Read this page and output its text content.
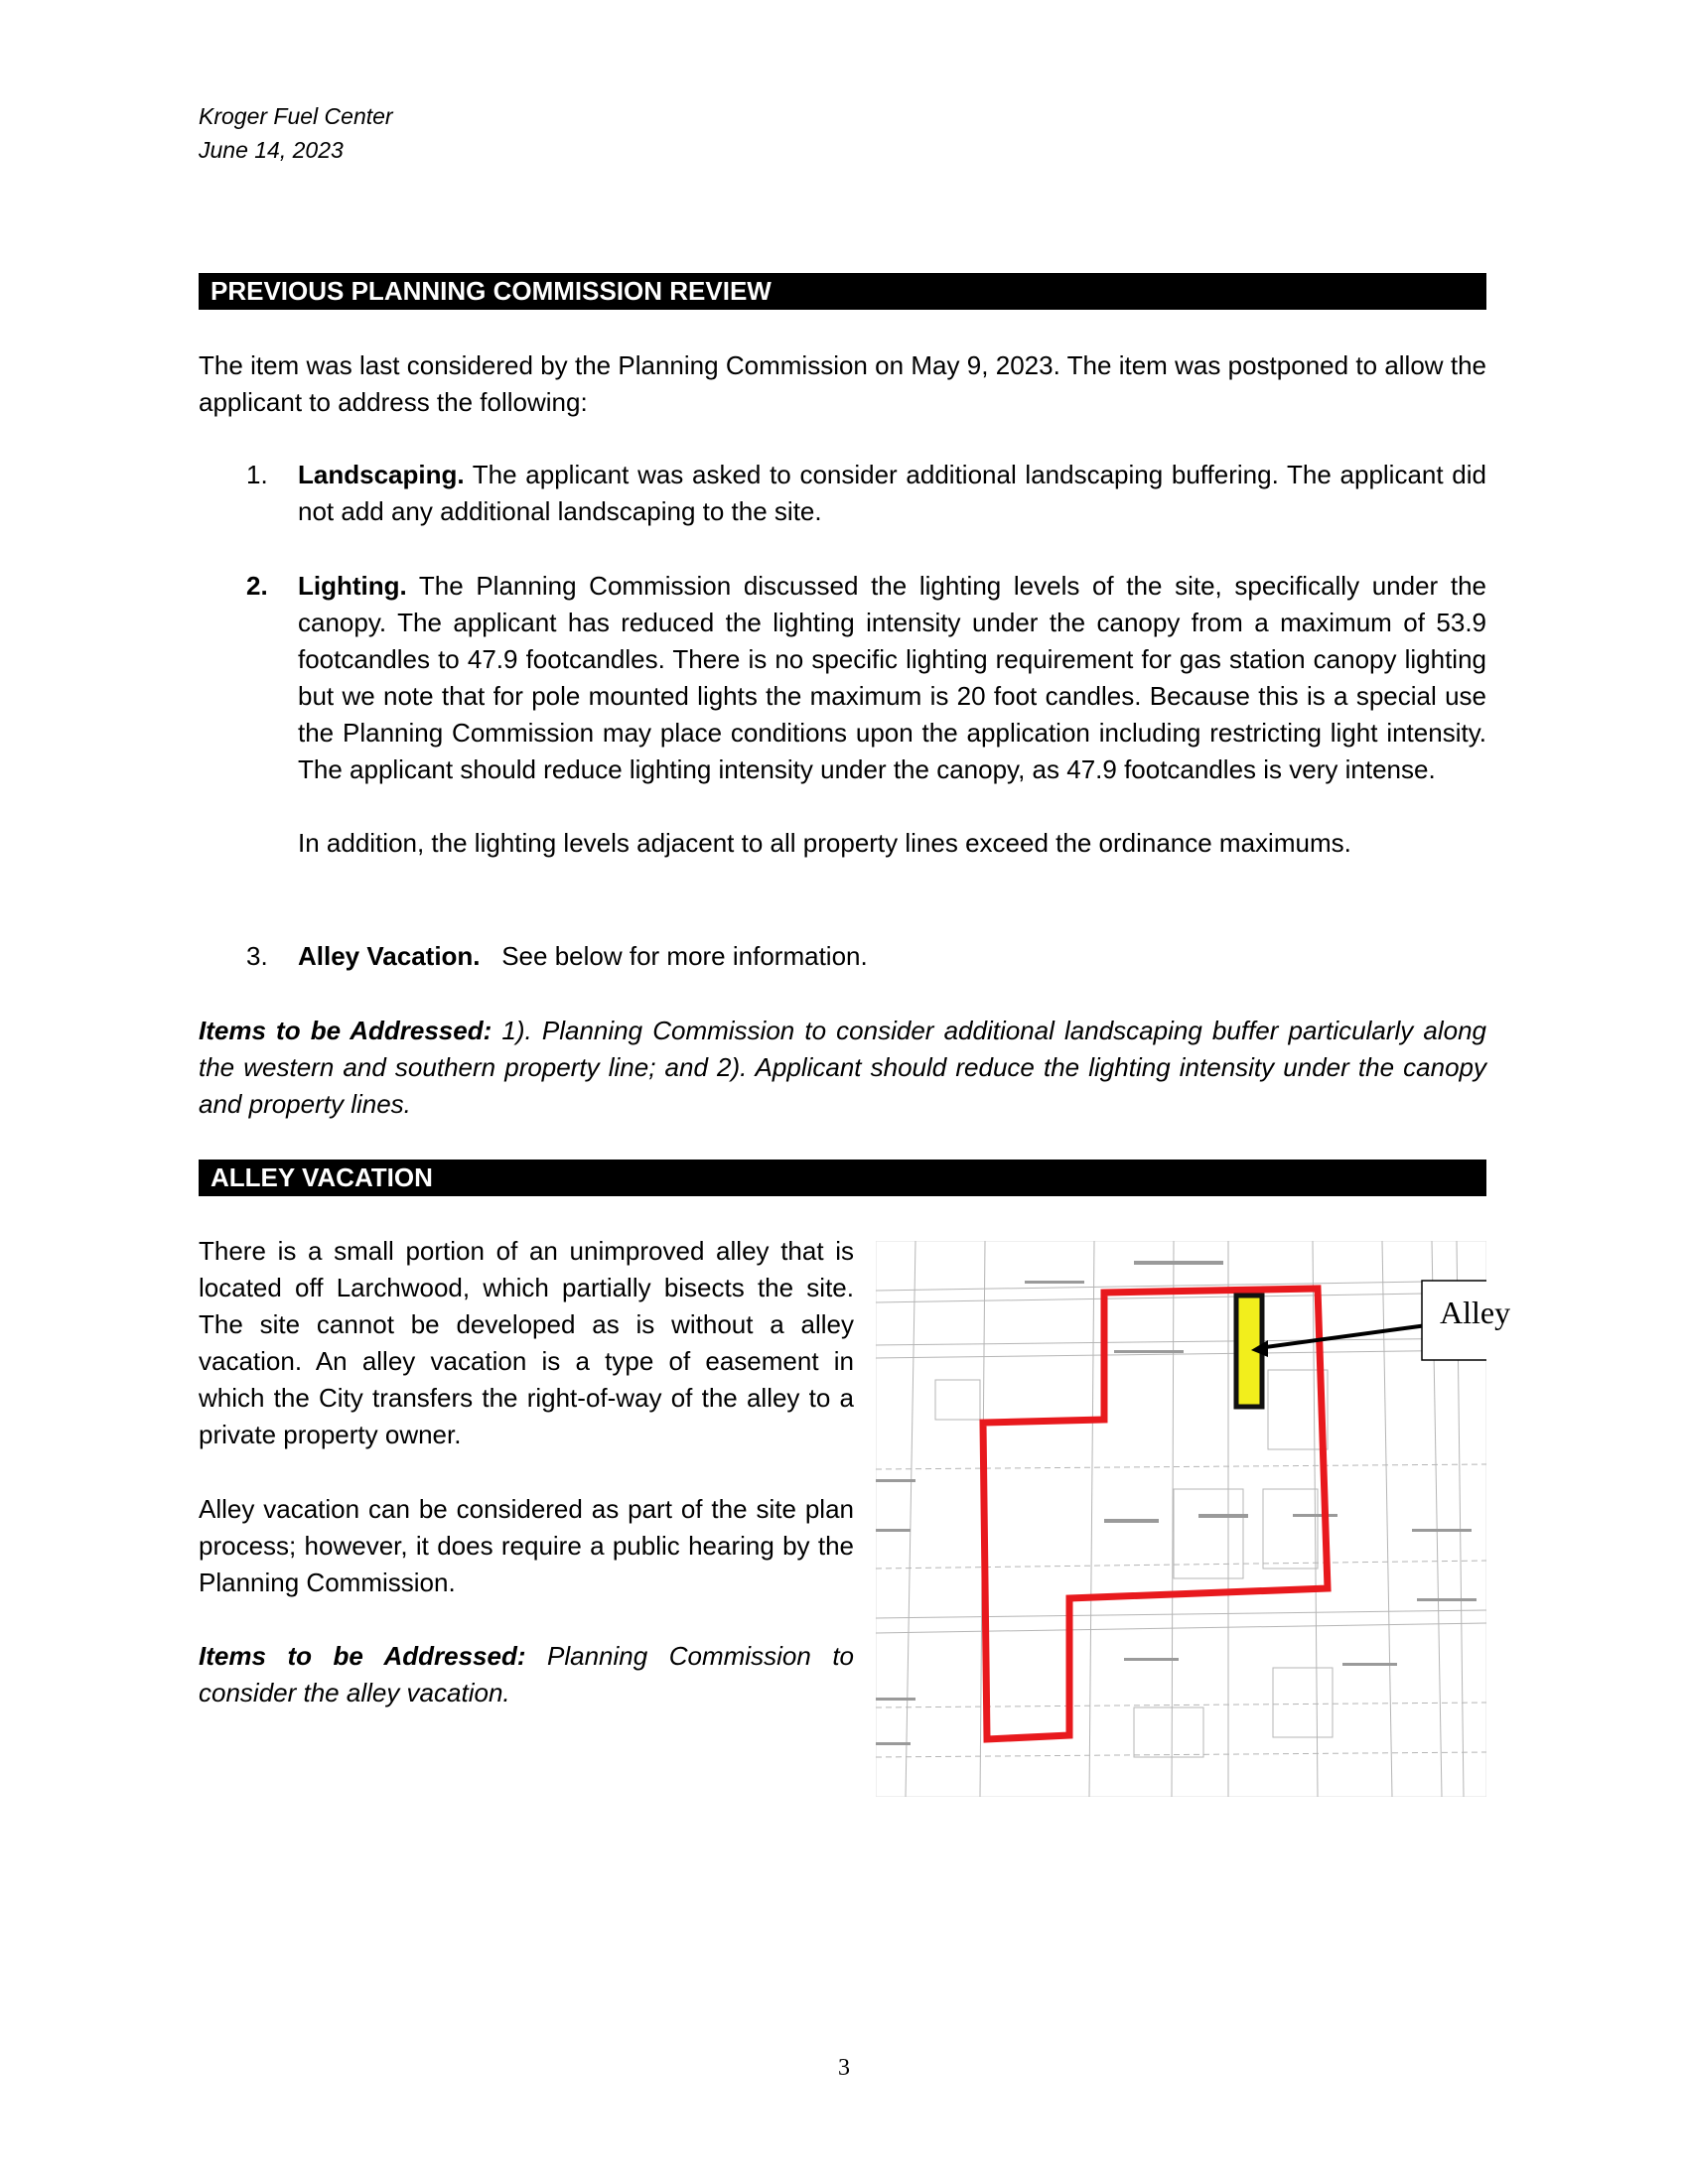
Kroger Fuel Center
June 14, 2023
PREVIOUS PLANNING COMMISSION REVIEW
The item was last considered by the Planning Commission on May 9, 2023. The item was postponed to allow the applicant to address the following:
1. Landscaping. The applicant was asked to consider additional landscaping buffering. The applicant did not add any additional landscaping to the site.
2. Lighting. The Planning Commission discussed the lighting levels of the site, specifically under the canopy. The applicant has reduced the lighting intensity under the canopy from a maximum of 53.9 footcandles to 47.9 footcandles. There is no specific lighting requirement for gas station canopy lighting but we note that for pole mounted lights the maximum is 20 foot candles. Because this is a special use the Planning Commission may place conditions upon the application including restricting light intensity. The applicant should reduce lighting intensity under the canopy, as 47.9 footcandles is very intense.
In addition, the lighting levels adjacent to all property lines exceed the ordinance maximums.
3. Alley Vacation.   See below for more information.
Items to be Addressed: 1). Planning Commission to consider additional landscaping buffer particularly along the western and southern property line; and 2). Applicant should reduce the lighting intensity under the canopy and property lines.
ALLEY VACATION
There is a small portion of an unimproved alley that is located off Larchwood, which partially bisects the site. The site cannot be developed as is without a alley vacation. An alley vacation is a type of easement in which the City transfers the right-of-way of the alley to a private property owner.
Alley vacation can be considered as part of the site plan process; however, it does require a public hearing by the Planning Commission.
Items to be Addressed: Planning Commission to consider the alley vacation.
Alley
3
